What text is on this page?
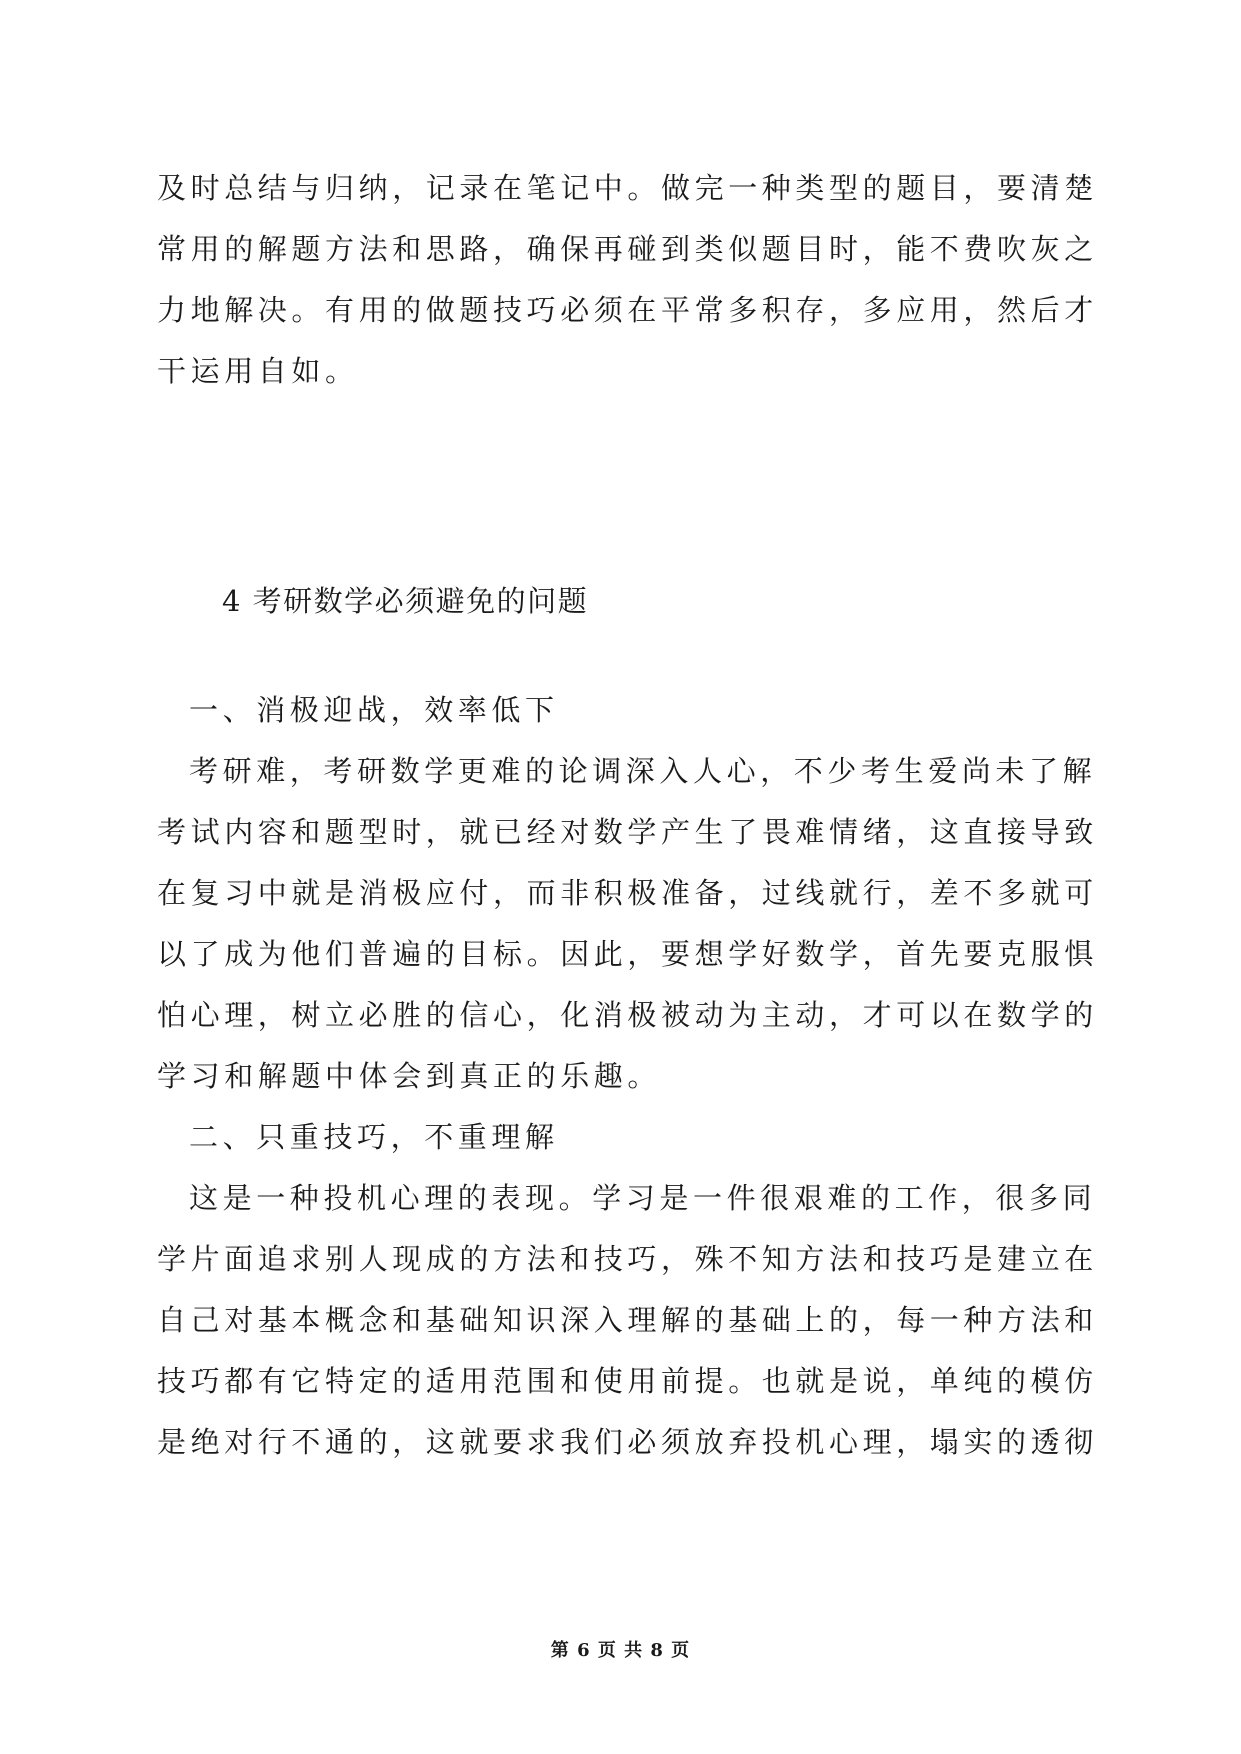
及时总结与归纳，记录在笔记中。做完一种类型的题目，要清楚
常用的解题方法和思路，确保再碰到类似题目时，能不费吹灰之
力地解决。有用的做题技巧必须在平常多积存，多应用，然后才
干运用自如。
4 考研数学必须避免的问题
一、消极迎战，效率低下
考研难，考研数学更难的论调深入人心，不少考生爱尚未了解
考试内容和题型时，就已经对数学产生了畏难情绪，这直接导致
在复习中就是消极应付，而非积极准备，过线就行，差不多就可
以了成为他们普遍的目标。因此，要想学好数学，首先要克服惧
怕心理，树立必胜的信心，化消极被动为主动，才可以在数学的
学习和解题中体会到真正的乐趣。
二、只重技巧，不重理解
这是一种投机心理的表现。学习是一件很艰难的工作，很多同
学片面追求别人现成的方法和技巧，殊不知方法和技巧是建立在
自己对基本概念和基础知识深入理解的基础上的，每一种方法和
技巧都有它特定的适用范围和使用前提。也就是说，单纯的模仿
是绝对行不通的，这就要求我们必须放弃投机心理，塌实的透彻
第 6 页 共 8 页
